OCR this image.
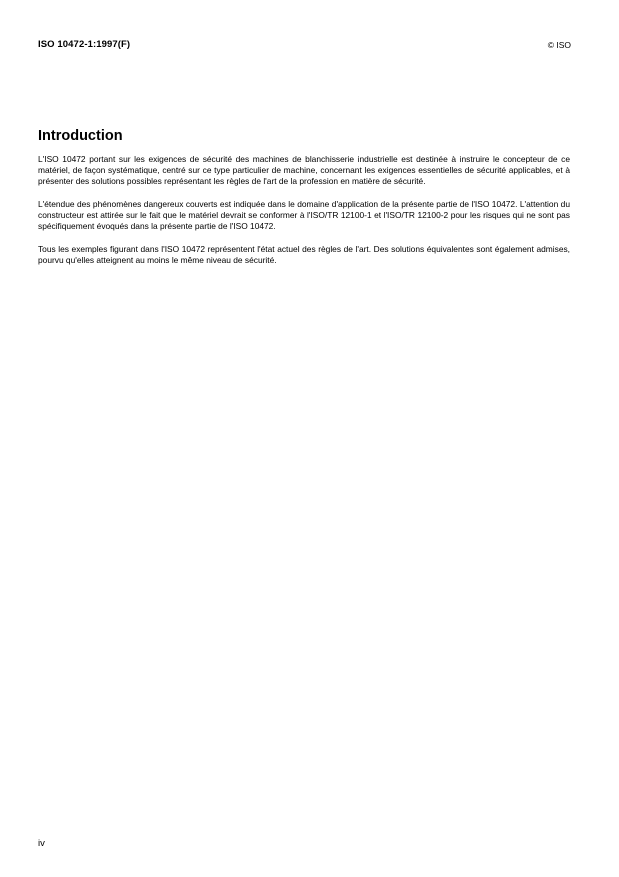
ISO 10472-1:1997(F)	© ISO
Introduction

L'ISO 10472 portant sur les exigences de sécurité des machines de blanchisserie industrielle est destinée à instruire le concepteur de ce matériel, de façon systématique, centré sur ce type particulier de machine, concernant les exigences essentielles de sécurité applicables, et à présenter des solutions possibles représentant les règles de l'art de la profession en matière de sécurité.

L'étendue des phénomènes dangereux couverts est indiquée dans le domaine d'application de la présente partie de l'ISO 10472. L'attention du constructeur est attirée sur le fait que le matériel devrait se conformer à l'ISO/TR 12100-1 et l'ISO/TR 12100-2 pour les risques qui ne sont pas spécifiquement évoqués dans la présente partie de l'ISO 10472.

Tous les exemples figurant dans l'ISO 10472 représentent l'état actuel des règles de l'art. Des solutions équivalentes sont également admises, pourvu qu'elles atteignent au moins le même niveau de sécurité.

iv
